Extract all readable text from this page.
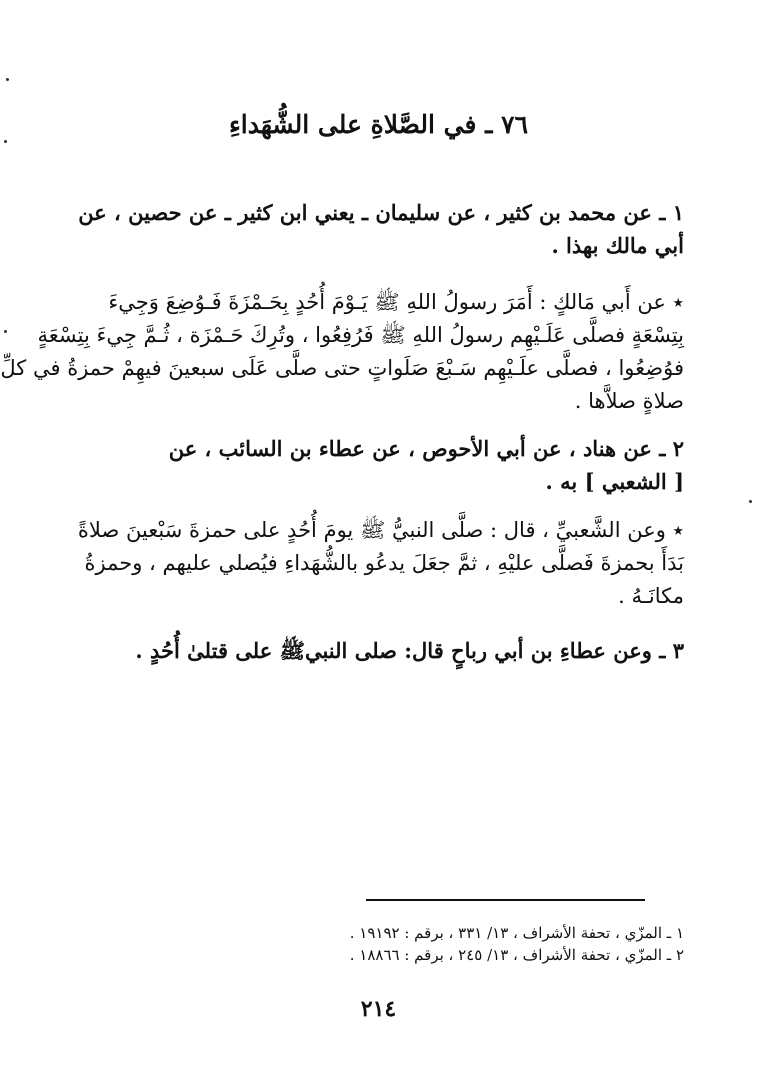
٧٦ ـ في الصَّلاةِ على الشُّهَداءِ
١ ـ عن محمد بن كثير ، عن سليمان ـ يعني ابن كثير ـ عن حصين ، عن
أبي مالك بهذا .
٭ عن أَبي مَالكٍ : أَمَرَ رسولُ اللهِ ﷺ يَـوْمَ أُحُدٍ بِحَـمْزَةَ فَـوُضِعَ وَجِيءَ
بِتِسْعَةٍ فصلَّى عَلَـيْهِم رسولُ اللهِ ﷺ فَرُفِعُوا ، وتُرِكَ حَـمْزَة ، ثُـمَّ جِيءَ بِتِسْعَةٍ
فوُضِعُوا ، فصلَّى علَـيْهِم سَـبْعَ صَلَواتٍ حتى صلَّى عَلَى سبعينَ فيهِمْ حمزةُ في كلِّ
صلاةٍ صلاَّها .
٢ ـ عن هناد ، عن أبي الأحوص ، عن عطاء بن السائب ، عن
[ الشعبي ] به .
٭ وعن الشَّعبيِّ ، قال : صلَّى النبيُّ ﷺ يومَ أُحُدٍ على حمزةَ سَبْعينَ صلاةً
بَدَأَ بحمزةَ فَصلَّى عليْهِ ، ثمَّ جعَلَ يدعُو بالشُّهَداءِ فيُصلي عليهم ، وحمزةُ
مكانَـهُ .
٣ ـ وعن عطاءِ بن أبي رباحٍ قال: صلى النبيﷺ على قتلىٰ أُحُدٍ .
١ ـ المزّي ، تحفة الأشراف ، ١٣/ ٣٣١ ، برقم : ١٩١٩٢ .
٢ ـ المزّي ، تحفة الأشراف ، ١٣/ ٢٤٥ ، برقم : ١٨٨٦٦ .
٢١٤
